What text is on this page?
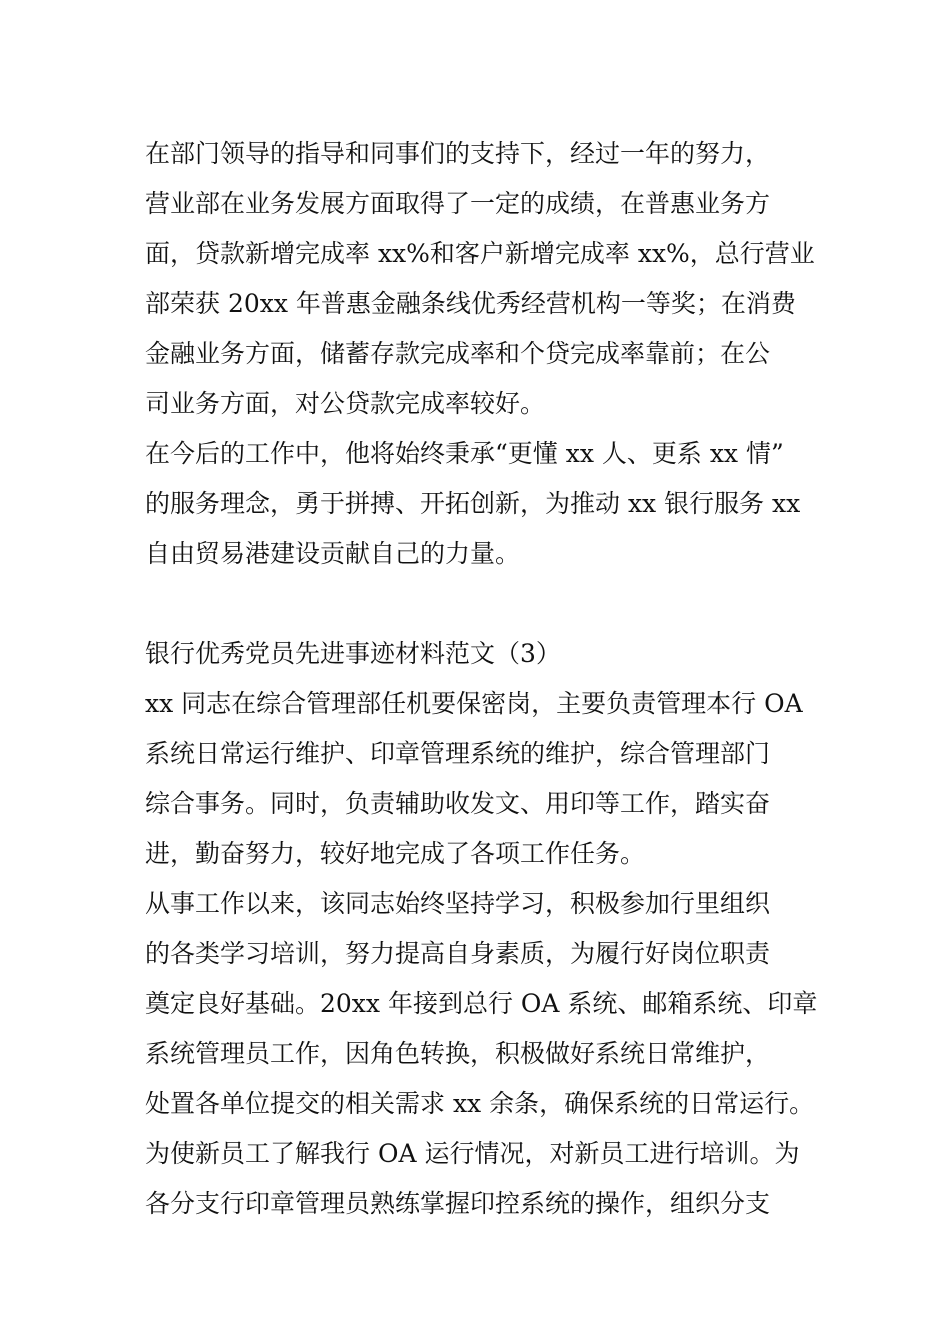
在部门领导的指导和同事们的支持下，经过一年的努力，
营业部在业务发展方面取得了一定的成绩，在普惠业务方
面，贷款新增完成率 xx%和客户新增完成率 xx%，总行营业
部荣获 20xx 年普惠金融条线优秀经营机构一等奖；在消费
金融业务方面，储蓄存款完成率和个贷完成率靠前；在公
司业务方面，对公贷款完成率较好。
在今后的工作中，他将始终秉承“更懂 xx 人、更系 xx 情”
的服务理念，勇于拼搏、开拓创新，为推动 xx 银行服务 xx
自由贸易港建设贡献自己的力量。
银行优秀党员先进事迹材料范文（3）
xx 同志在综合管理部任机要保密岗，主要负责管理本行 OA
系统日常运行维护、印章管理系统的维护，综合管理部门
综合事务。同时，负责辅助收发文、用印等工作，踏实奋
进，勤奋努力，较好地完成了各项工作任务。
从事工作以来，该同志始终坚持学习，积极参加行里组织
的各类学习培训，努力提高自身素质，为履行好岗位职责
奠定良好基础。20xx 年接到总行 OA 系统、邮箱系统、印章
系统管理员工作，因角色转换，积极做好系统日常维护，
处置各单位提交的相关需求 xx 余条，确保系统的日常运行。
为使新员工了解我行 OA 运行情况，对新员工进行培训。为
各分支行印章管理员熟练掌握印控系统的操作，组织分支
